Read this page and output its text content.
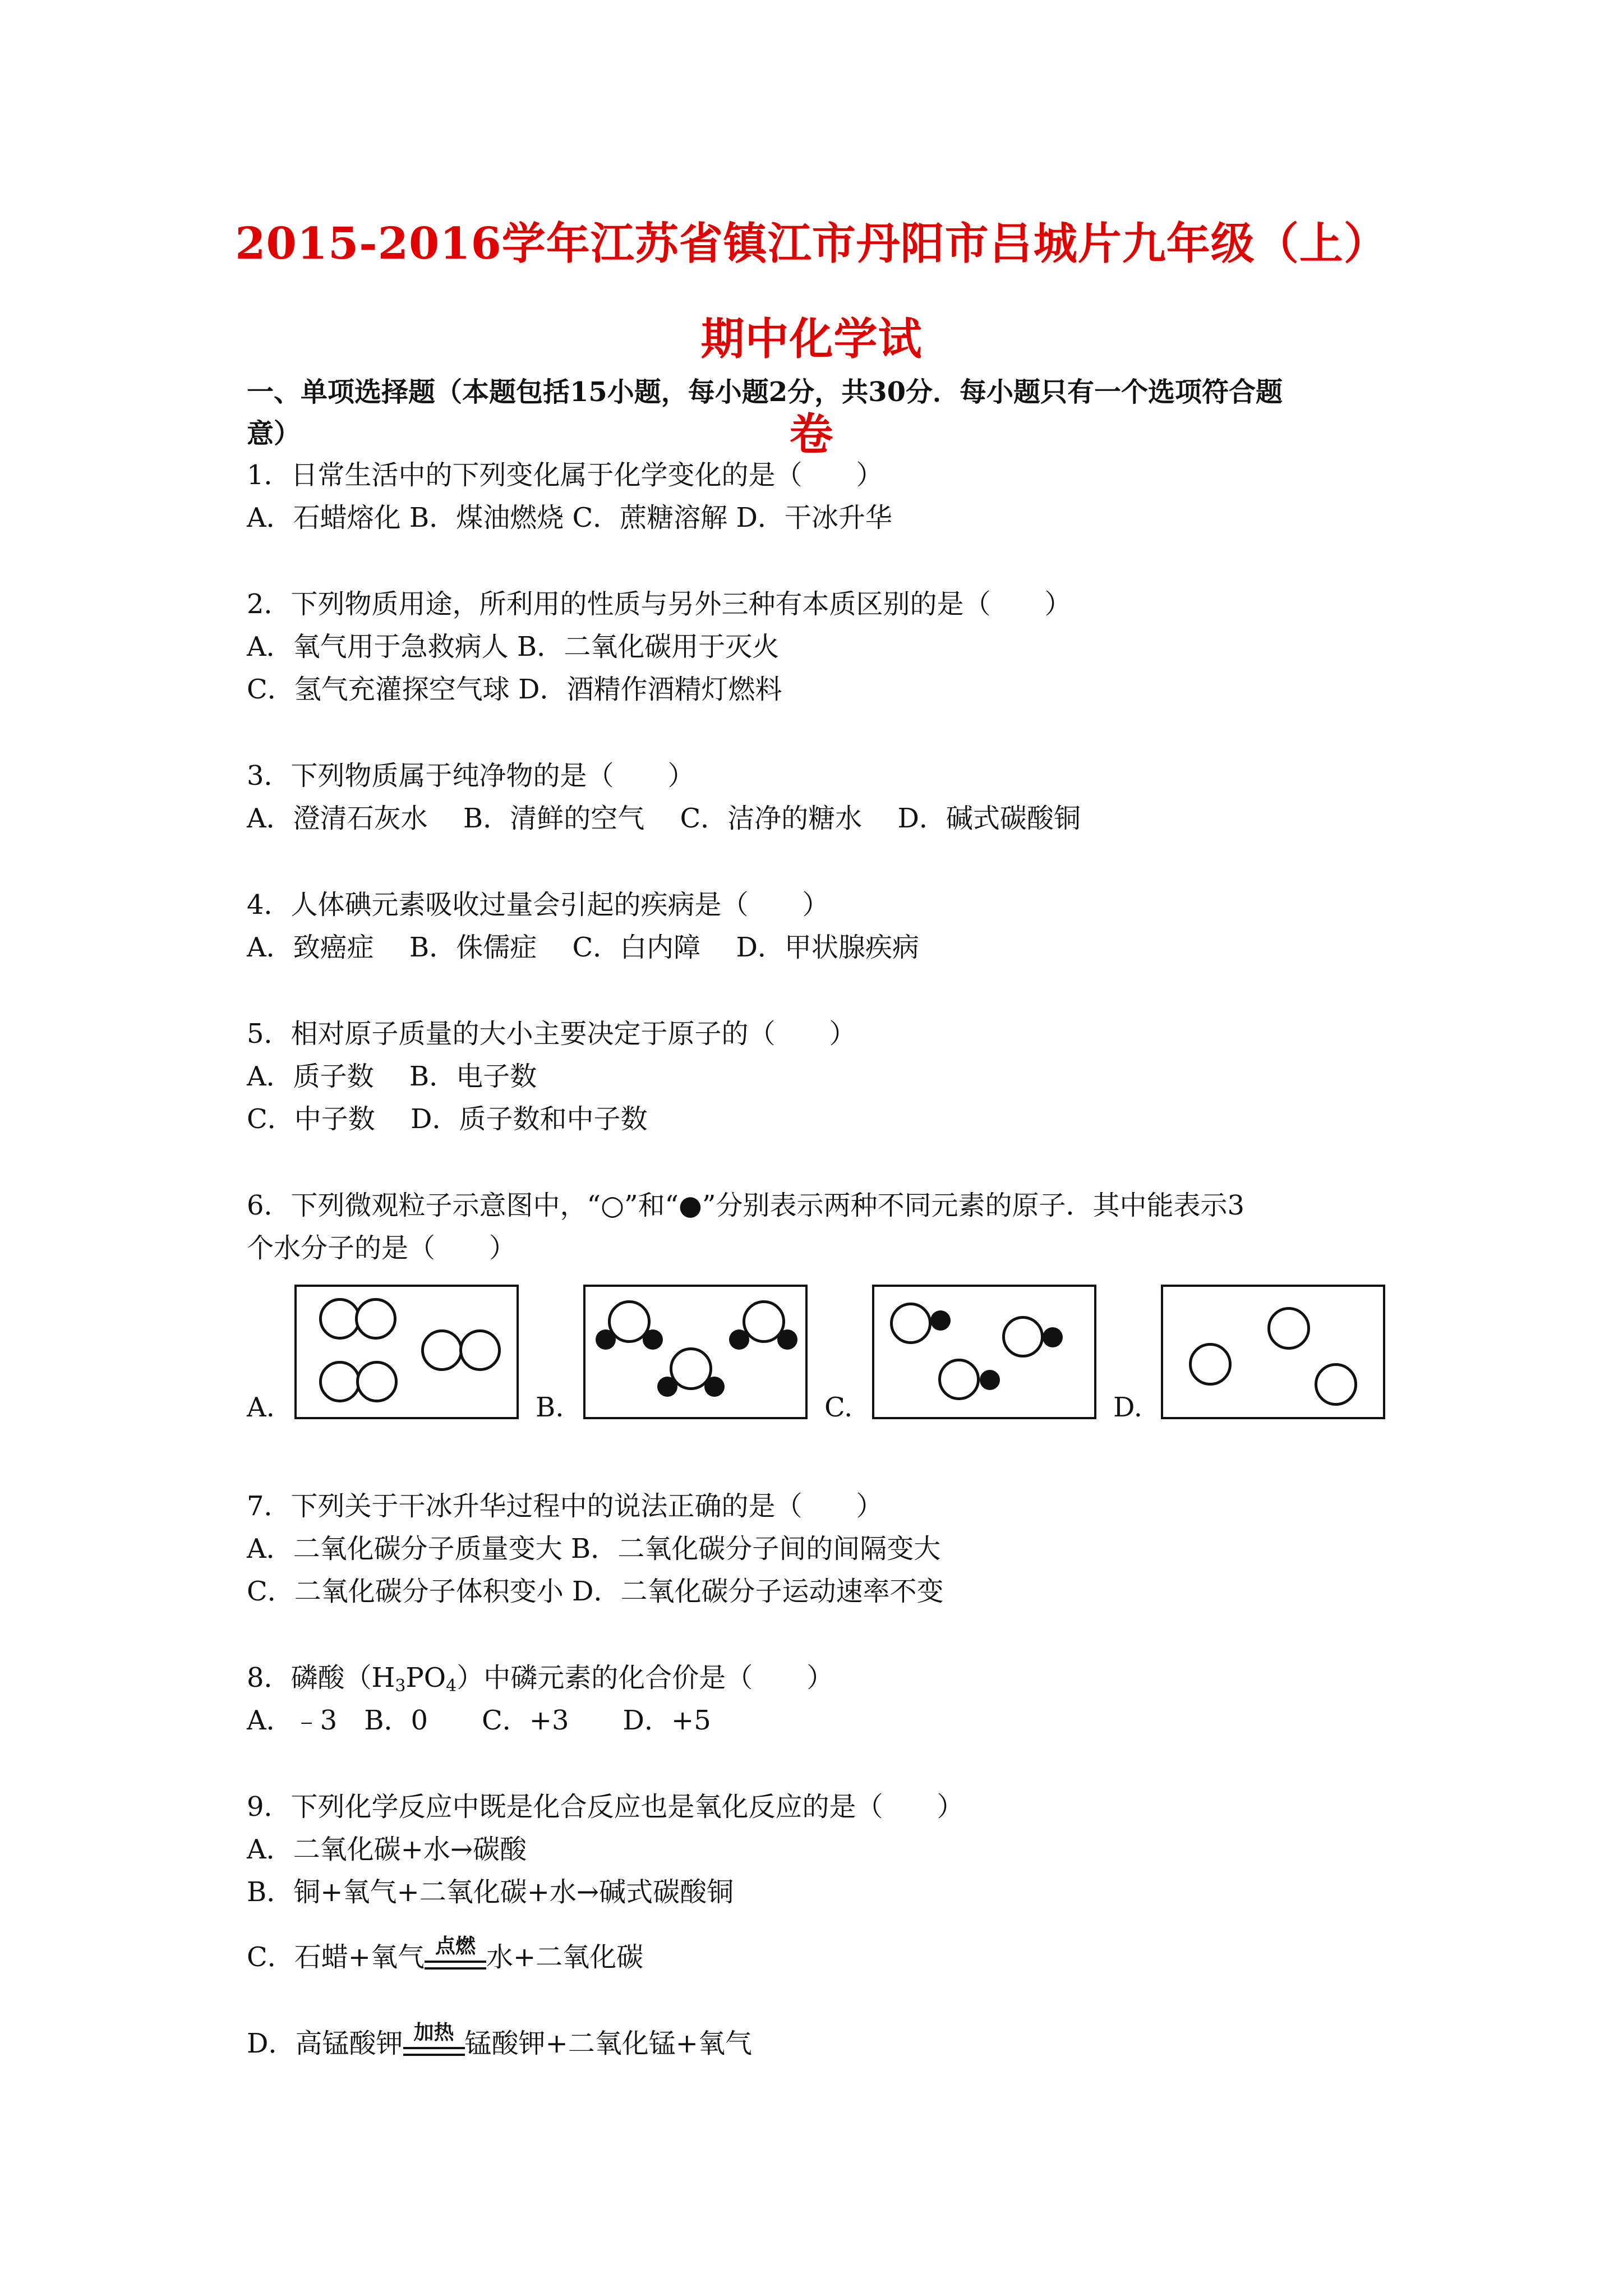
2015-2016学年江苏省镇江市丹阳市吕城片九年级（上）期中化学试
卷
一、单项选择题（本题包括15小题，每小题2分，共30分．每小题只有一个选项符合题
意）
1．日常生活中的下列变化属于化学变化的是（　　）
A．石蜡熔化 B．煤油燃烧 C．蔗糖溶解 D．干冰升华
2．下列物质用途，所利用的性质与另外三种有本质区别的是（　　）
A．氧气用于急救病人 B．二氧化碳用于灭火
C．氢气充灌探空气球 D．酒精作酒精灯燃料
3．下列物质属于纯净物的是（　　）
A．澄清石灰水　 B．清鲜的空气　 C．洁净的糖水　 D．碱式碳酸铜
4．人体碘元素吸收过量会引起的疾病是（　　）
A．致癌症　 B．侏儒症　 C．白内障　 D．甲状腺疾病
5．相对原子质量的大小主要决定于原子的（　　）
A．质子数　 B．电子数
C．中子数　 D．质子数和中子数
6．下列微观粒子示意图中，“○”和“●”分别表示两种不同元素的原子．其中能表示3
个水分子的是（　　）
A.	B.	C.	D.
7．下列关于干冰升华过程中的说法正确的是（　　）
A．二氧化碳分子质量变大 B．二氧化碳分子间的间隔变大
C．二氧化碳分子体积变小 D．二氧化碳分子运动速率不变
8．磷酸$(H_3PO_4)$中磷元素的化合价是（　　）
A．﹣3　B．0　　C．+3　　D．+5
9．下列化学反应中既是化合反应也是氧化反应的是（　　）
A．二氧化碳+水→碳酸
B．铜+氧气+二氧化碳+水→碱式碳酸铜
C．石蜡+氧气 点燃 水+二氧化碳
D．高锰酸钾 加热 锰酸钾+二氧化锰+氧气
